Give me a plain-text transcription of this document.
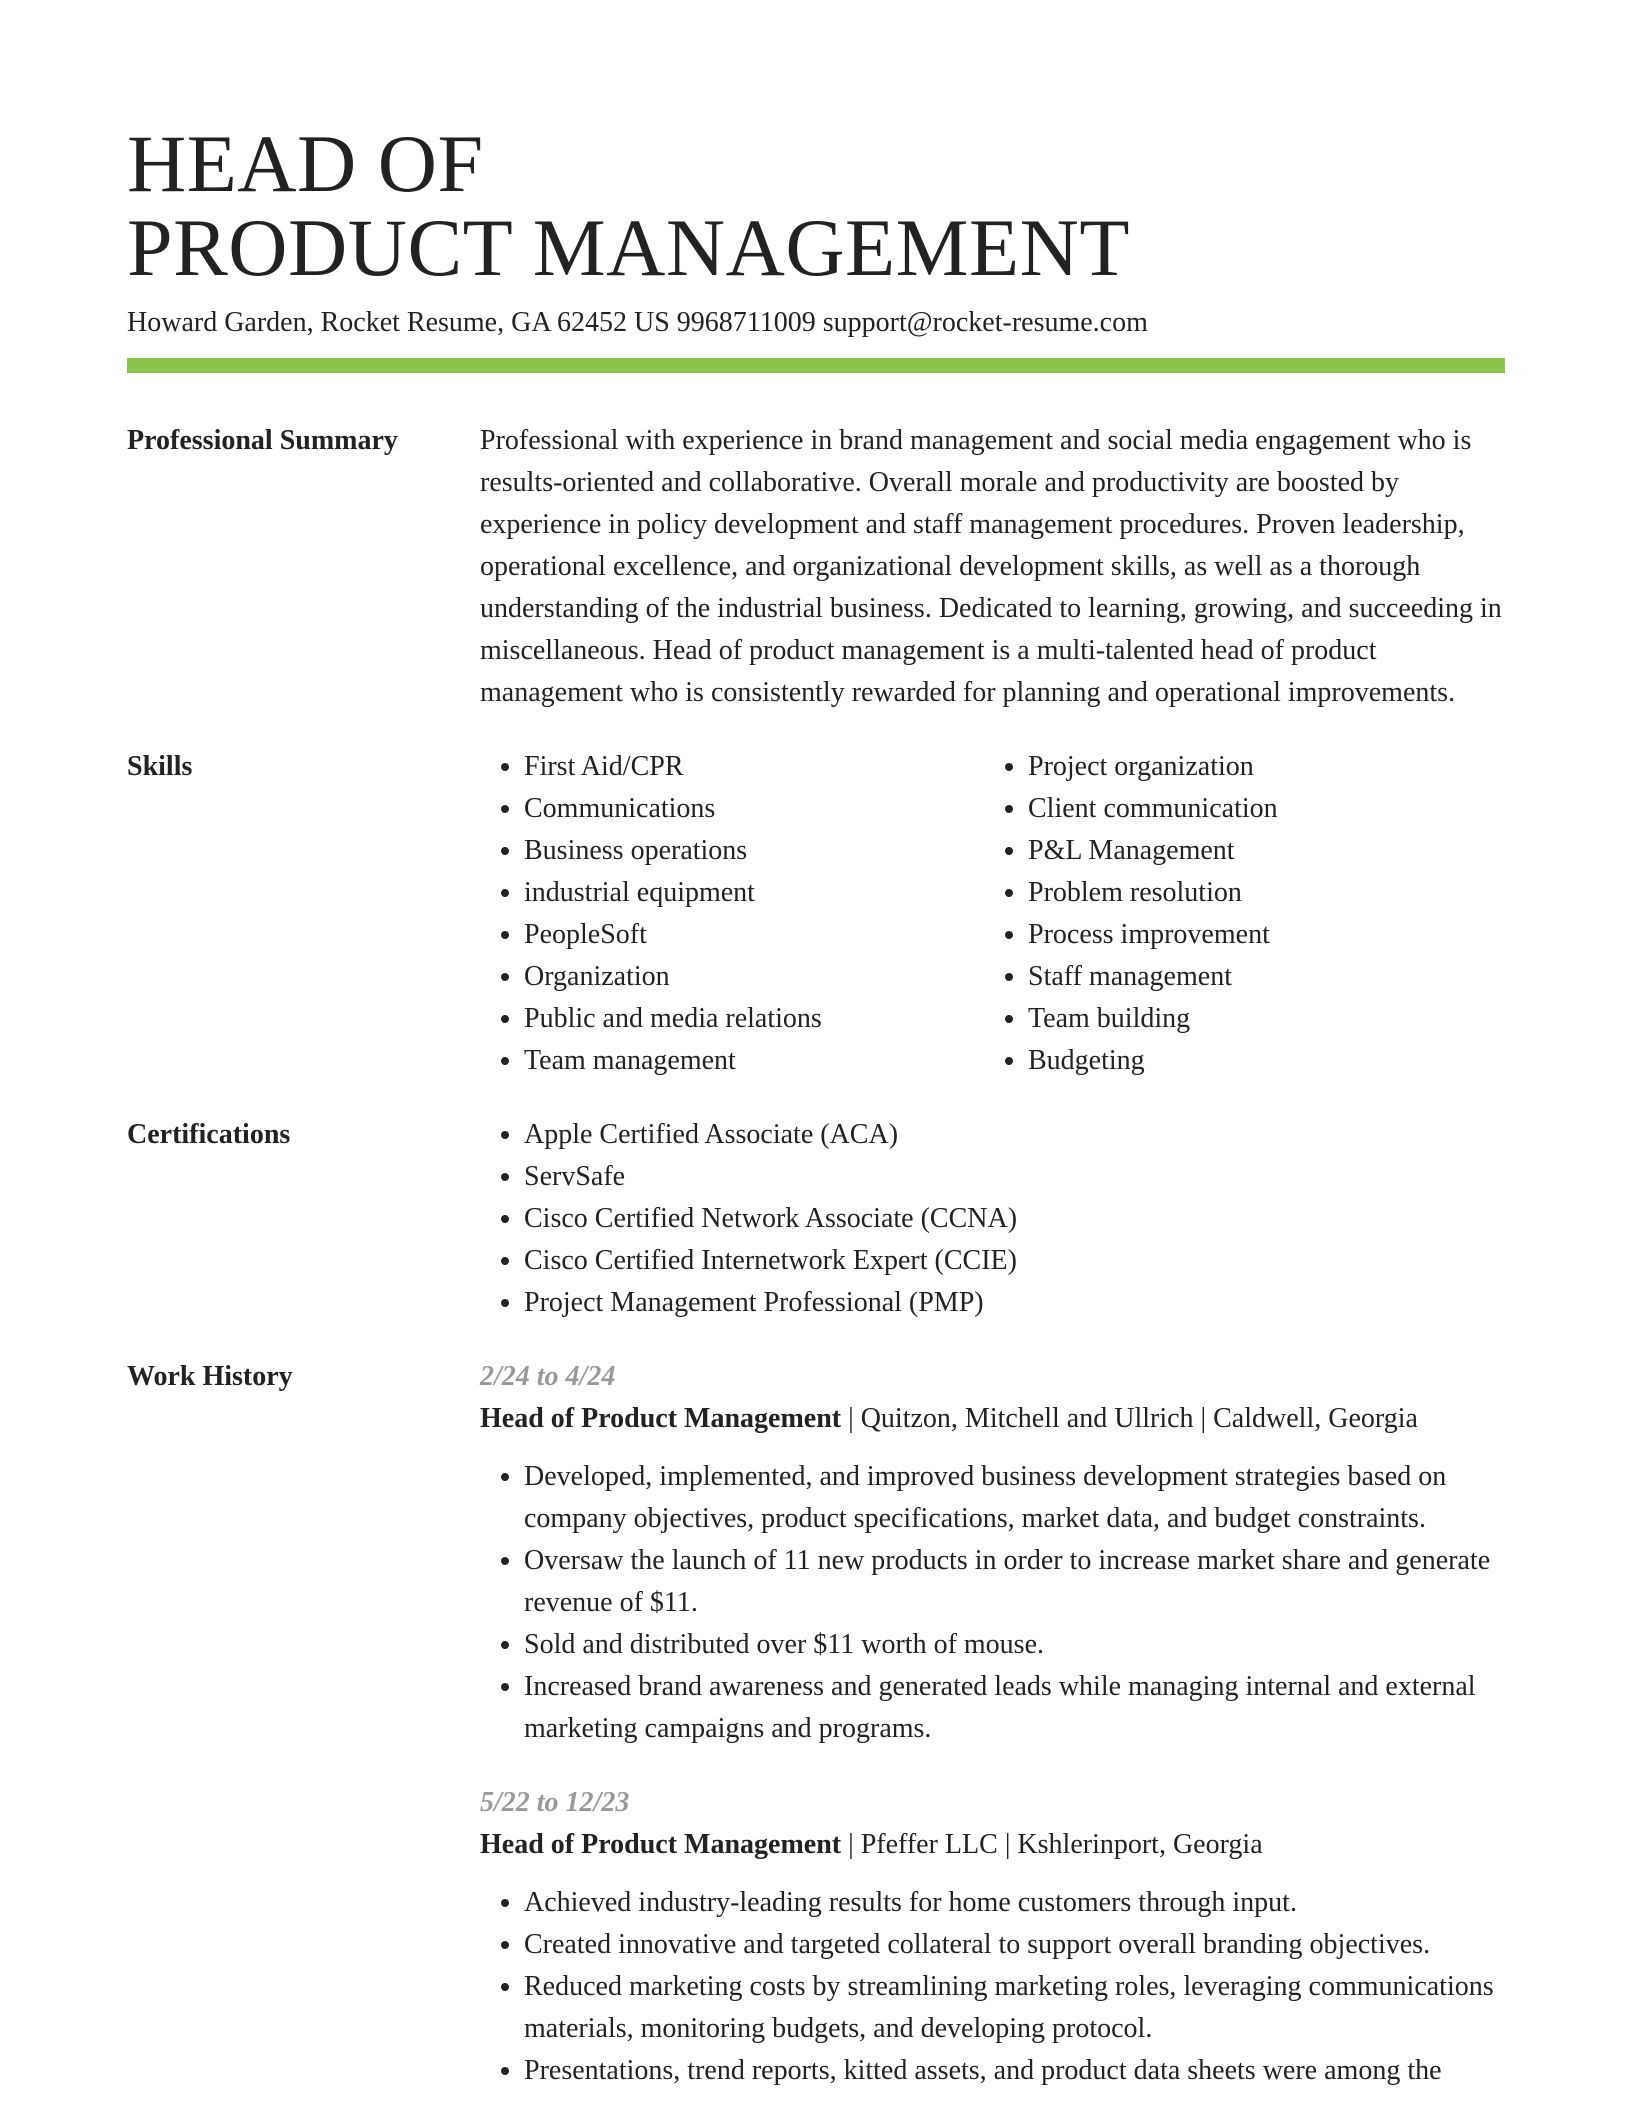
HEAD OF
PRODUCT MANAGEMENT
Howard Garden, Rocket Resume, GA 62452 US 9968711009 support@rocket-resume.com
Professional Summary	Professional with experience in brand management and social media engagement who is results-oriented and collaborative. Overall morale and productivity are boosted by experience in policy development and staff management procedures. Proven leadership, operational excellence, and organizational development skills, as well as a thorough understanding of the industrial business. Dedicated to learning, growing, and succeeding in miscellaneous. Head of product management is a multi-talented head of product management who is consistently rewarded for planning and operational improvements.
Skills	• First Aid/CPR
• Communications
• Business operations
• industrial equipment
• PeopleSoft
• Organization
• Public and media relations
• Team management
• Project organization
• Client communication
• P&L Management
• Problem resolution
• Process improvement
• Staff management
• Team building
• Budgeting
Certifications	• Apple Certified Associate (ACA)
• ServSafe
• Cisco Certified Network Associate (CCNA)
• Cisco Certified Internetwork Expert (CCIE)
• Project Management Professional (PMP)
Work History	2/24 to 4/24
Head of Product Management | Quitzon, Mitchell and Ullrich | Caldwell, Georgia
• Developed, implemented, and improved business development strategies based on company objectives, product specifications, market data, and budget constraints.
• Oversaw the launch of 11 new products in order to increase market share and generate revenue of $11.
• Sold and distributed over $11 worth of mouse.
• Increased brand awareness and generated leads while managing internal and external marketing campaigns and programs.
5/22 to 12/23
Head of Product Management | Pfeffer LLC | Kshlerinport, Georgia
• Achieved industry-leading results for home customers through input.
• Created innovative and targeted collateral to support overall branding objectives.
• Reduced marketing costs by streamlining marketing roles, leveraging communications materials, monitoring budgets, and developing protocol.
• Presentations, trend reports, kitted assets, and product data sheets were among the
